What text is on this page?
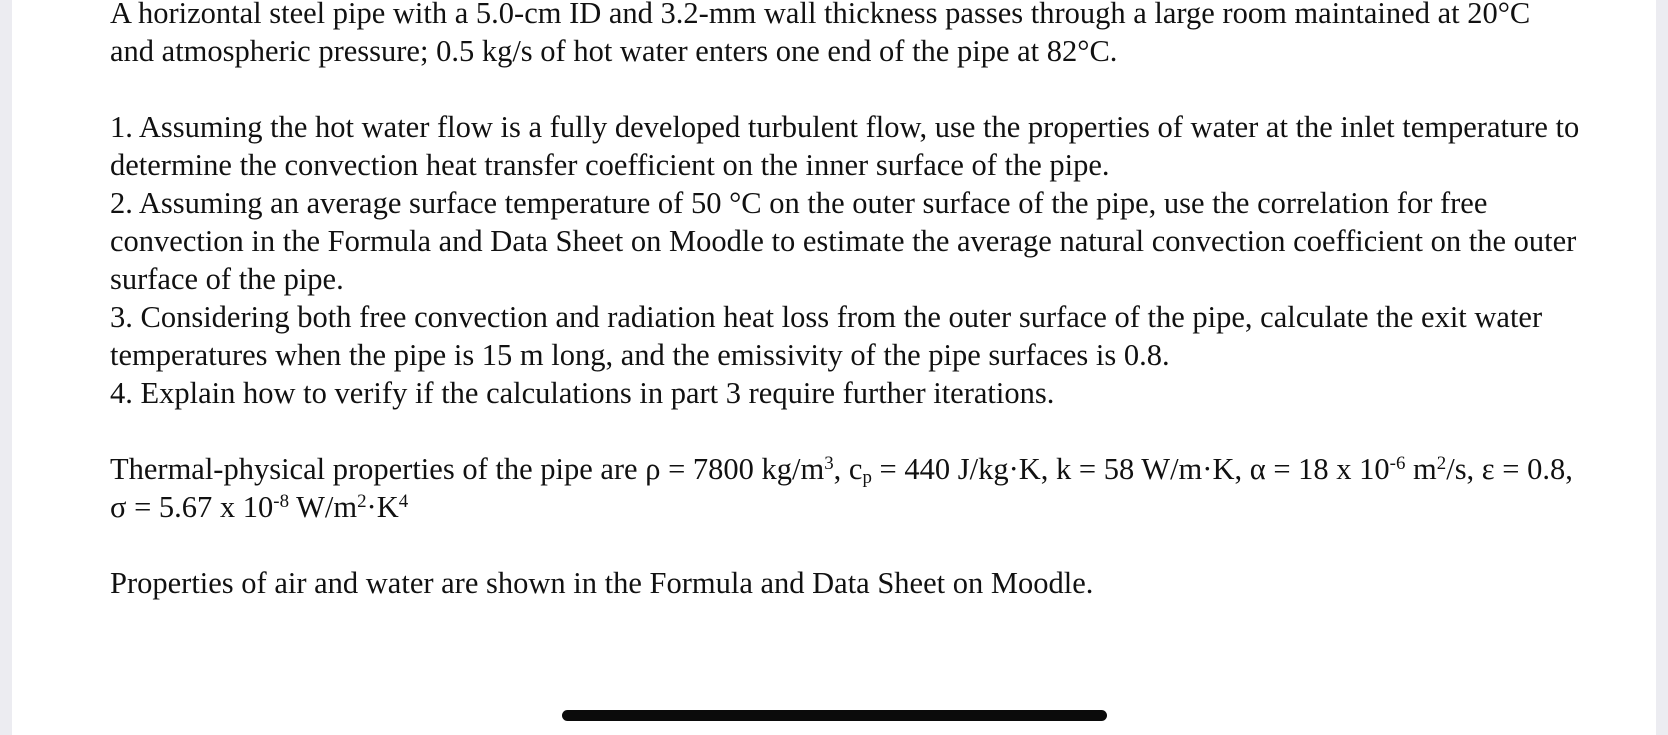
A horizontal steel pipe with a 5.0-cm ID and 3.2-mm wall thickness passes through a large room maintained at 20°C and atmospheric pressure; 0.5 kg/s of hot water enters one end of the pipe at 82°C.

1. Assuming the hot water flow is a fully developed turbulent flow, use the properties of water at the inlet temperature to determine the convection heat transfer coefficient on the inner surface of the pipe.

2. Assuming an average surface temperature of 50 °C on the outer surface of the pipe, use the correlation for free convection in the Formula and Data Sheet on Moodle to estimate the average natural convection coefficient on the outer surface of the pipe.

3. Considering both free convection and radiation heat loss from the outer surface of the pipe, calculate the exit water temperatures when the pipe is 15 m long, and the emissivity of the pipe surfaces is 0.8.

4. Explain how to verify if the calculations in part 3 require further iterations.

Thermal-physical properties of the pipe are ρ = 7800 $kg/m^3$, $c_p = 440$ J/kg·K, k = 58 W/m·K, α = 18 x $10^{-6}$ $m^2/s$, ε = 0.8, σ = 5.67 x $10^{-8}$ $W/m^2\cdot K^4$

Properties of air and water are shown in the Formula and Data Sheet on Moodle.
